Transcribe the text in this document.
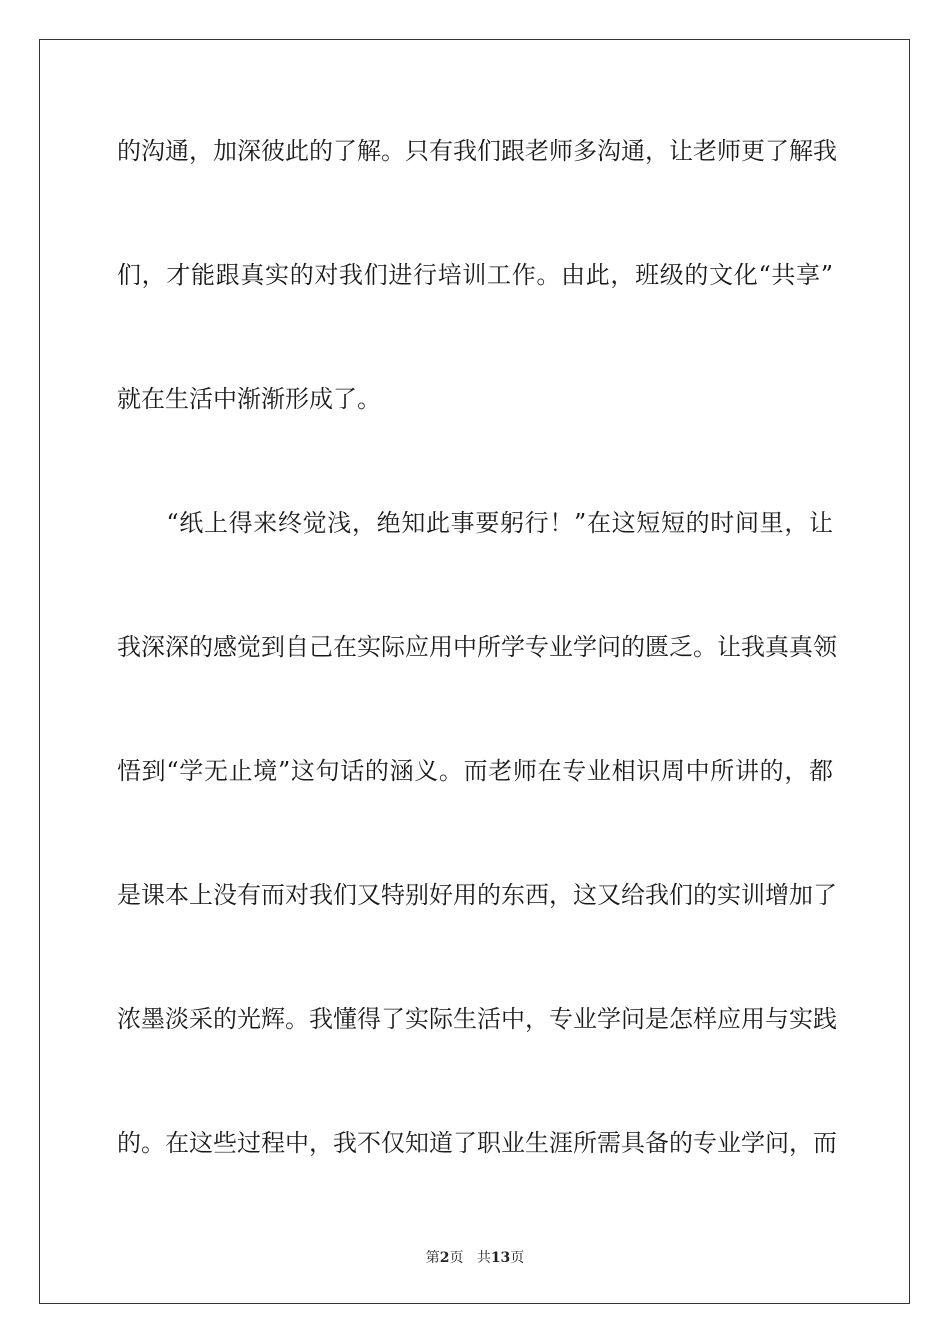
的沟通，加深彼此的了解。只有我们跟老师多沟通，让老师更了解我
们，才能跟真实的对我们进行培训工作。由此，班级的文化“共享”
就在生活中渐渐形成了。
　　“纸上得来终觉浅，绝知此事要躬行！”在这短短的时间里，让
我深深的感觉到自己在实际应用中所学专业学问的匮乏。让我真真领
悟到“学无止境”这句话的涵义。而老师在专业相识周中所讲的，都
是课本上没有而对我们又特别好用的东西，这又给我们的实训增加了
浓墨淡采的光辉。我懂得了实际生活中，专业学问是怎样应用与实践
的。在这些过程中，我不仅知道了职业生涯所需具备的专业学问，而
第2页 共13页
